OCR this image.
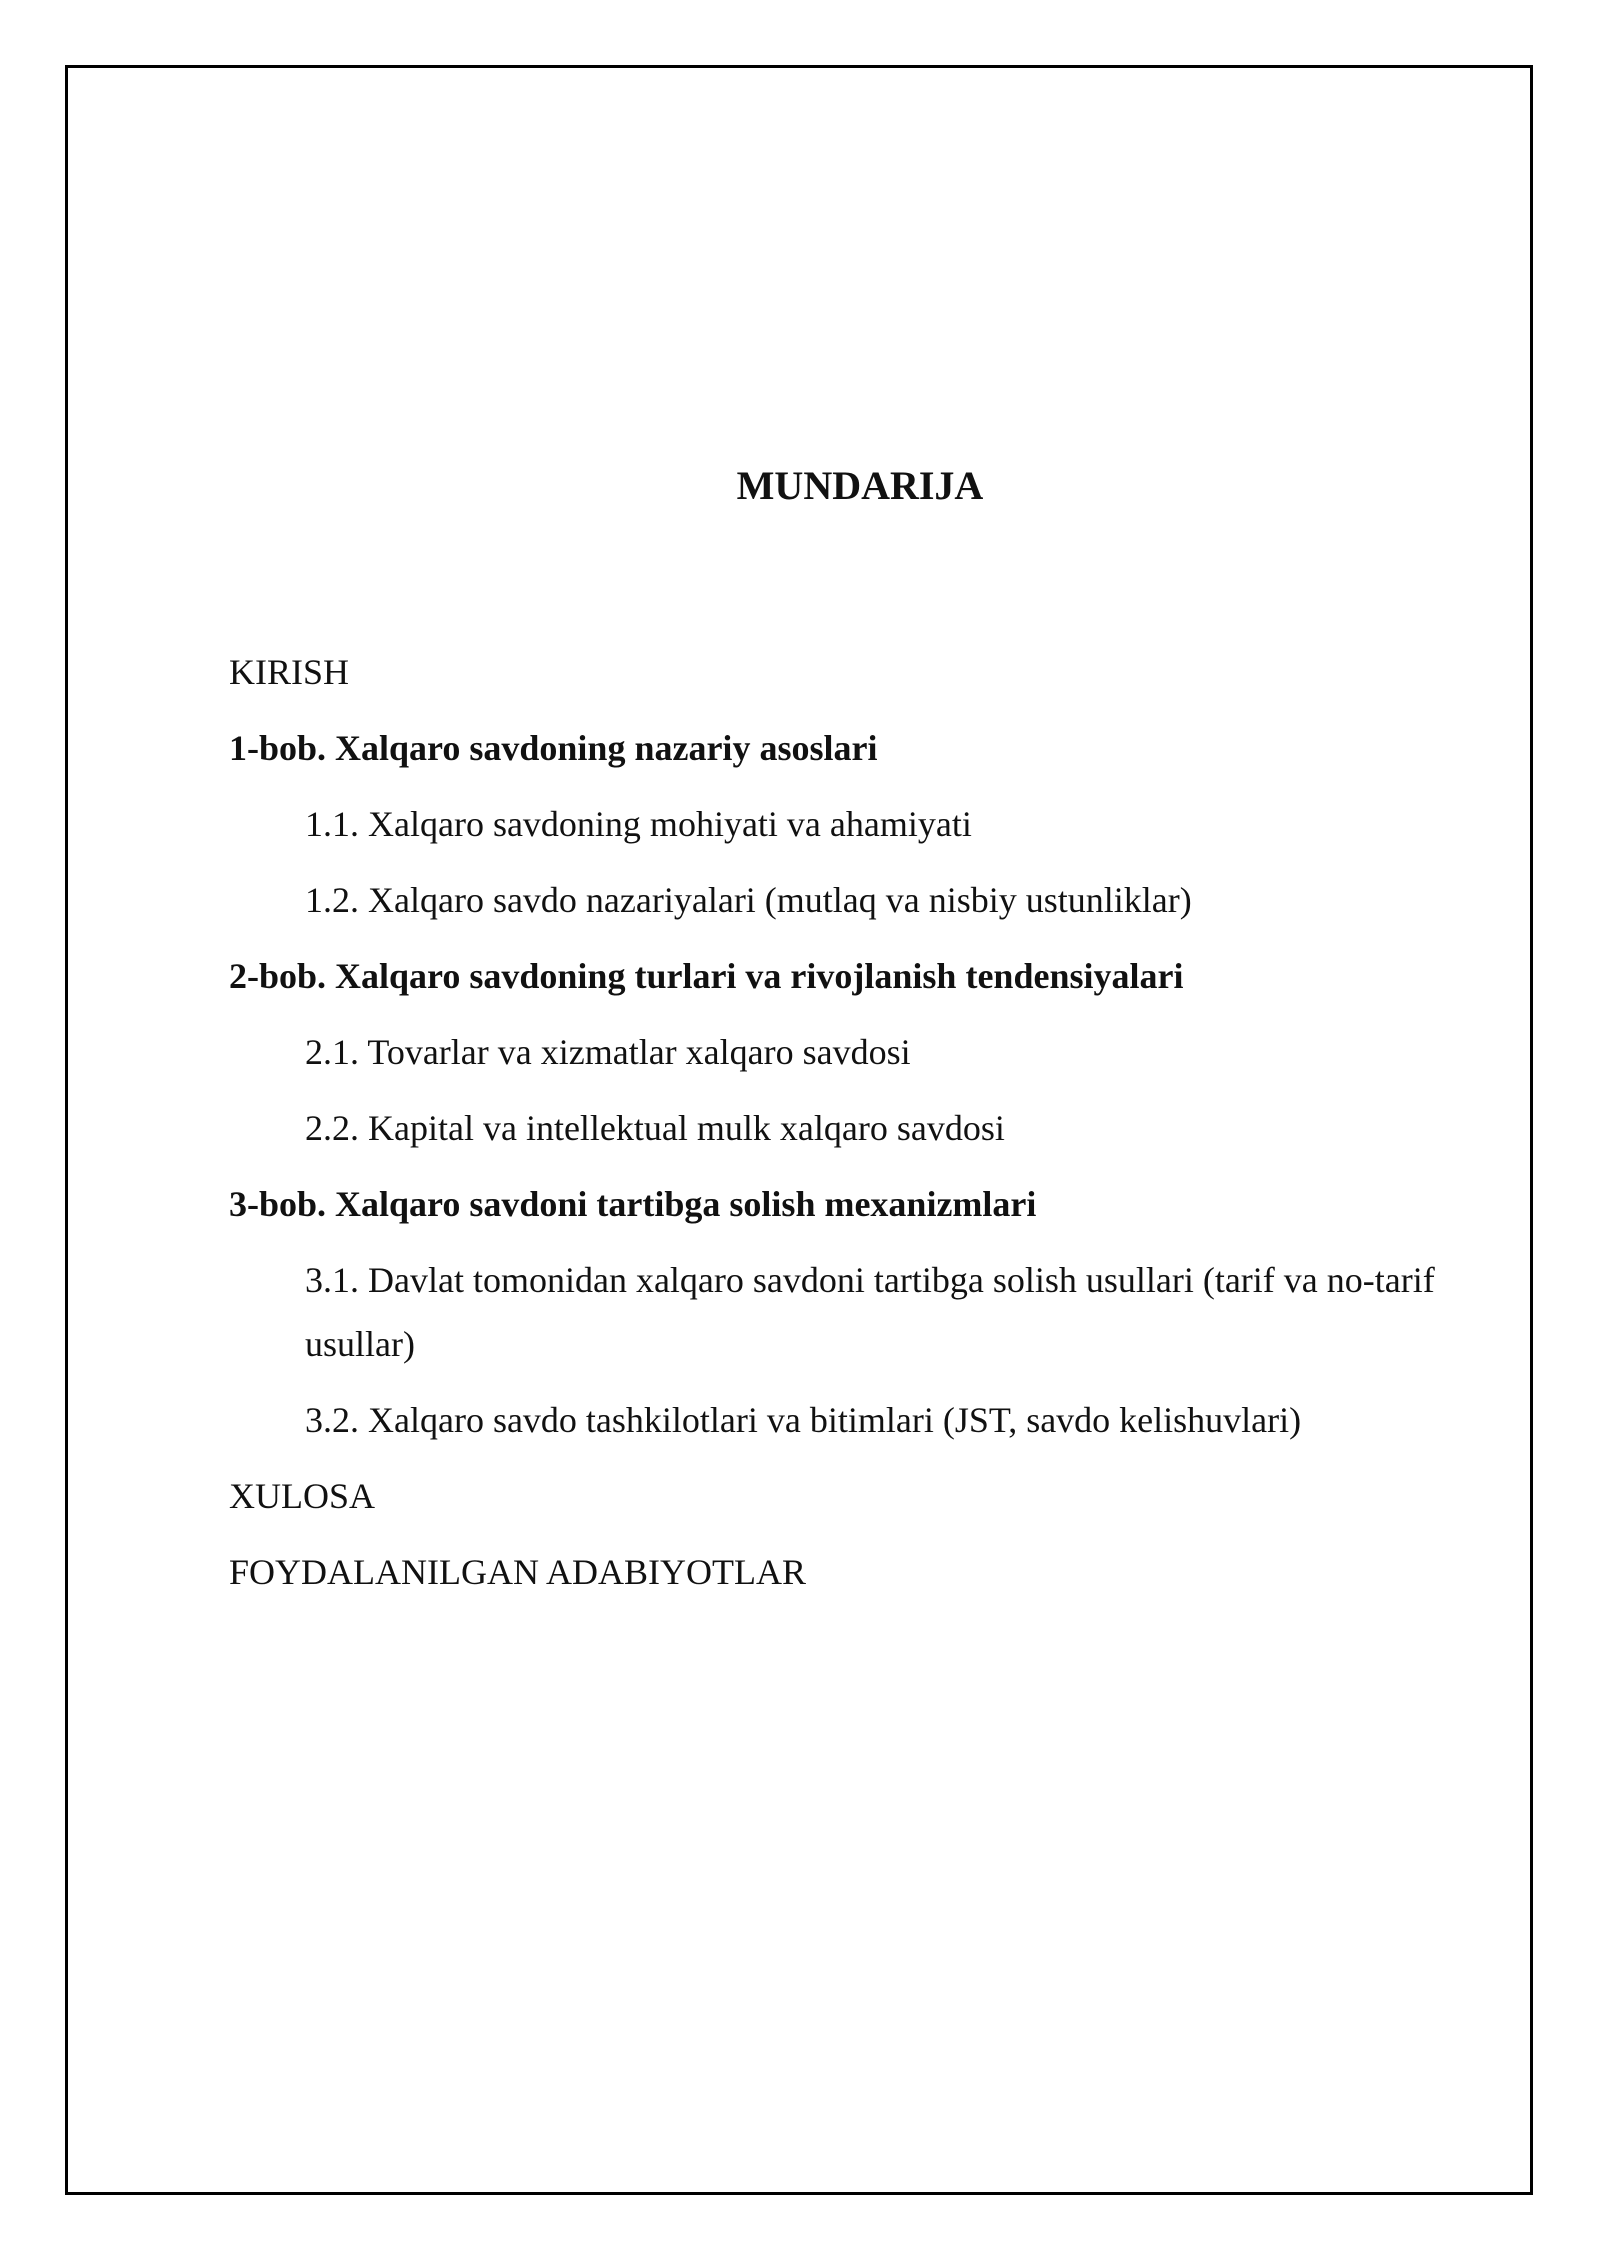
MUNDARIJA
KIRISH
1-bob. Xalqaro savdoning nazariy asoslari
1.1. Xalqaro savdoning mohiyati va ahamiyati
1.2. Xalqaro savdo nazariyalari (mutlaq va nisbiy ustunliklar)
2-bob. Xalqaro savdoning turlari va rivojlanish tendensiyalari
2.1. Tovarlar va xizmatlar xalqaro savdosi
2.2. Kapital va intellektual mulk xalqaro savdosi
3-bob. Xalqaro savdoni tartibga solish mexanizmlari
3.1. Davlat tomonidan xalqaro savdoni tartibga solish usullari (tarif va no-tarif usullar)
3.2. Xalqaro savdo tashkilotlari va bitimlari (JST, savdo kelishuvlari)
XULOSA
FOYDALANILGAN ADABIYOTLAR
